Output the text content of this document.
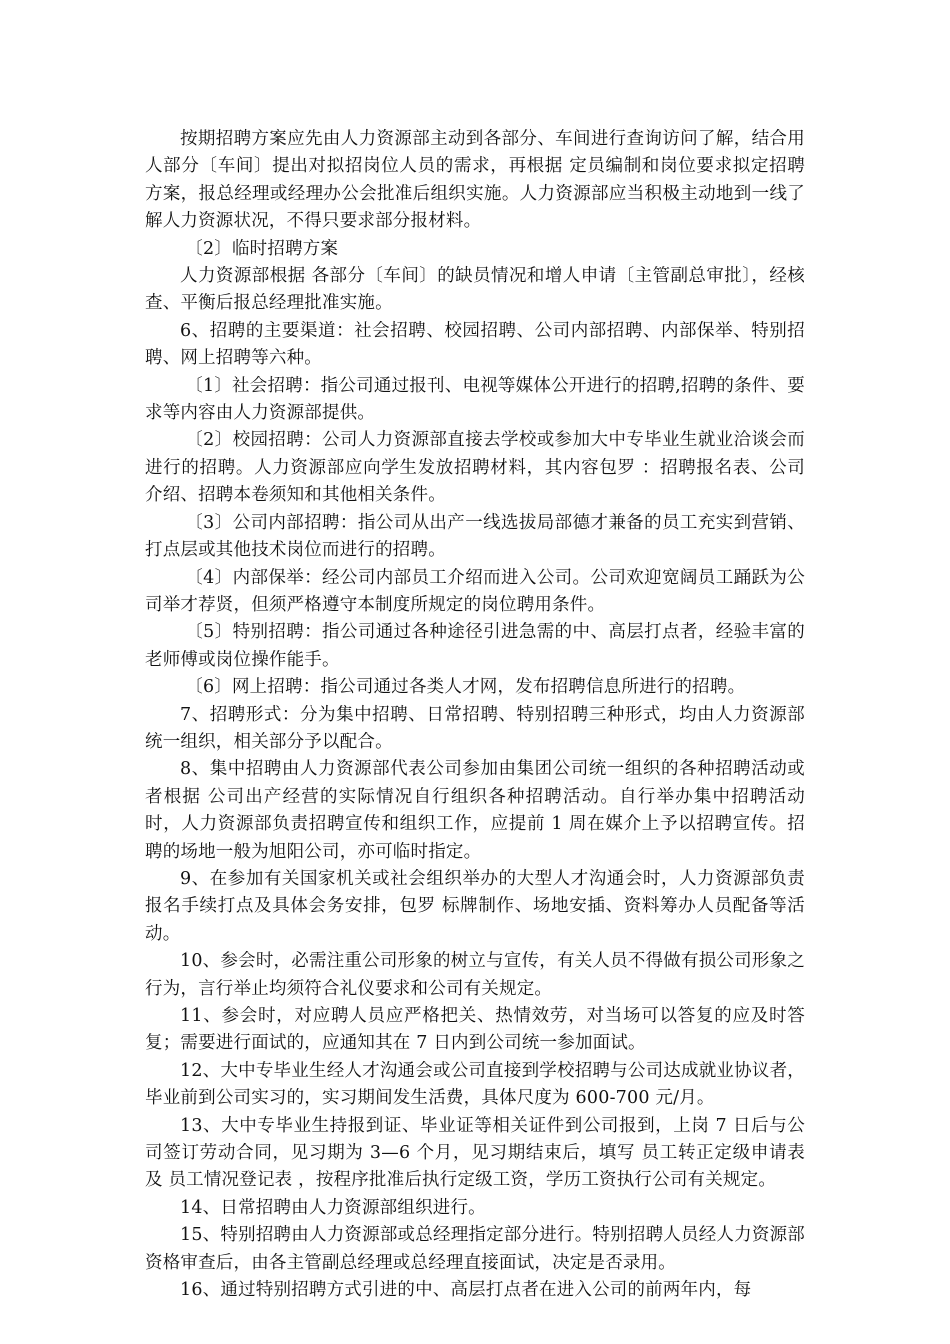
按期招聘方案应先由人力资源部主动到各部分、车间进行查询访问了解，结合用人部分〔车间〕提出对拟招岗位人员的需求，再根据 定员编制和岗位要求拟定招聘方案，报总经理或经理办公会批准后组织实施。人力资源部应当积极主动地到一线了解人力资源状况，不得只要求部分报材料。

〔2〕临时招聘方案

人力资源部根据 各部分〔车间〕的缺员情况和增人申请〔主管副总审批〕，经核查、平衡后报总经理批准实施。

6、招聘的主要渠道：社会招聘、校园招聘、公司内部招聘、内部保举、特别招聘、网上招聘等六种。

〔1〕社会招聘：指公司通过报刊、电视等媒体公开进行的招聘,招聘的条件、要求等内容由人力资源部提供。

〔2〕校园招聘：公司人力资源部直接去学校或参加大中专毕业生就业洽谈会而进行的招聘。人力资源部应向学生发放招聘材料，其内容包罗 ：招聘报名表、公司介绍、招聘本卷须知和其他相关条件。

〔3〕公司内部招聘：指公司从出产一线选拔局部德才兼备的员工充实到营销、打点层或其他技术岗位而进行的招聘。

〔4〕内部保举：经公司内部员工介绍而进入公司。公司欢迎宽阔员工踊跃为公司举才荐贤，但须严格遵守本制度所规定的岗位聘用条件。

〔5〕特别招聘：指公司通过各种途径引进急需的中、高层打点者，经验丰富的老师傅或岗位操作能手。

〔6〕网上招聘：指公司通过各类人才网，发布招聘信息所进行的招聘。

7、招聘形式：分为集中招聘、日常招聘、特别招聘三种形式，均由人力资源部统一组织，相关部分予以配合。

8、集中招聘由人力资源部代表公司参加由集团公司统一组织的各种招聘活动或者根据 公司出产经营的实际情况自行组织各种招聘活动。自行举办集中招聘活动时，人力资源部负责招聘宣传和组织工作，应提前 1 周在媒介上予以招聘宣传。招聘的场地一般为旭阳公司，亦可临时指定。

9、在参加有关国家机关或社会组织举办的大型人才沟通会时，人力资源部负责报名手续打点及具体会务安排，包罗 标牌制作、场地安插、资料筹办人员配备等活动。

10、参会时，必需注重公司形象的树立与宣传，有关人员不得做有损公司形象之行为，言行举止均须符合礼仪要求和公司有关规定。

11、参会时，对应聘人员应严格把关、热情效劳，对当场可以答复的应及时答复；需要进行面试的，应通知其在 7 日内到公司统一参加面试。

12、大中专毕业生经人才沟通会或公司直接到学校招聘与公司达成就业协议者，毕业前到公司实习的，实习期间发生活费，具体尺度为 600-700 元/月。

13、大中专毕业生持报到证、毕业证等相关证件到公司报到，上岗 7 日后与公司签订劳动合同，见习期为 3—6 个月，见习期结束后，填写 员工转正定级申请表 及 员工情况登记表 ，按程序批准后执行定级工资，学历工资执行公司有关规定。

14、日常招聘由人力资源部组织进行。

15、特别招聘由人力资源部或总经理指定部分进行。特别招聘人员经人力资源部资格审查后，由各主管副总经理或总经理直接面试，决定是否录用。

16、通过特别招聘方式引进的中、高层打点者在进入公司的前两年内，每
